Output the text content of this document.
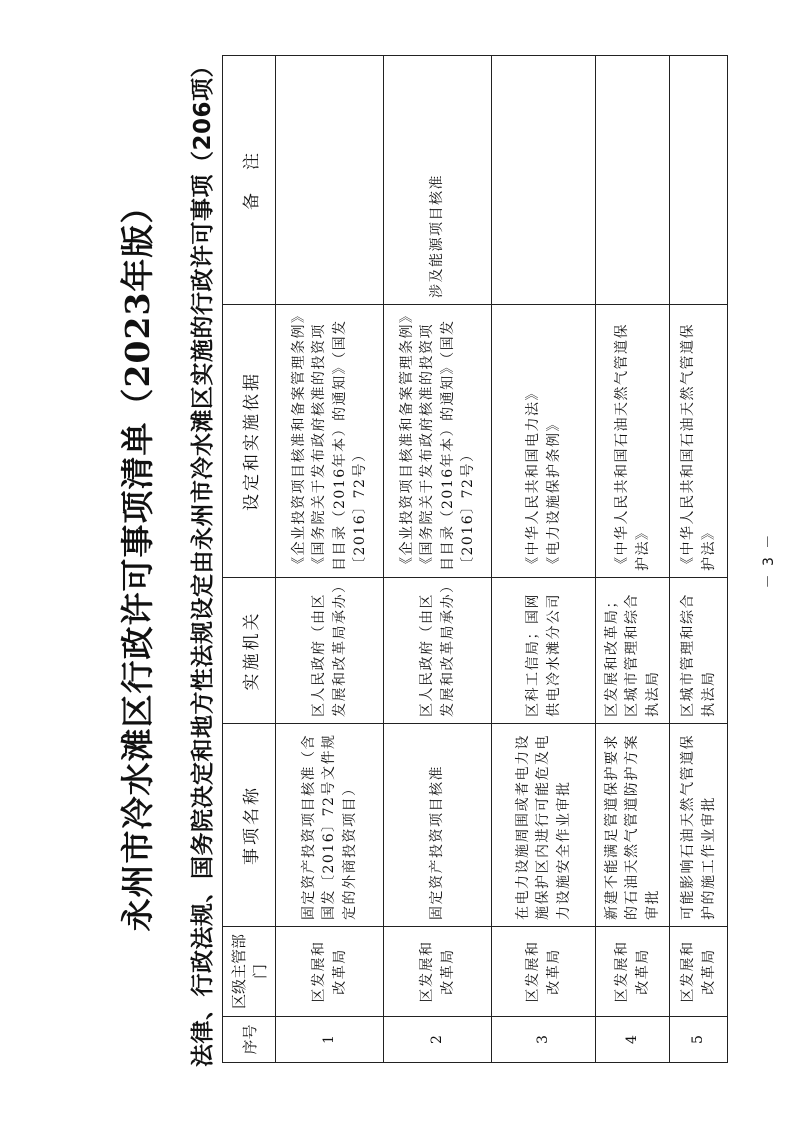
永州市冷水滩区行政许可事项清单（2023年版） 法律、行政法规、国务院决定和地方性法规设定由永州市冷水滩区实施的行政许可事项（206项） 序号	区级主管部门	事项名称	实施机关	设定和实施依据	备　注
1	区发展和改革局	固定资产投资项目核准（含国发〔2016〕72号文件规定的外商投资项目）	区人民政府（由区发展和改革局承办）	《企业投资项目核准和备案管理条例》 《国务院关于发布政府核准的投资项目目录（2016年本）的通知》（国发〔2016〕72号）	

2	区发展和改革局	固定资产投资项目核准	区人民政府（由区发展和改革局承办）	《企业投资项目核准和备案管理条例》 《国务院关于发布政府核准的投资项目目录（2016年本）的通知》（国发〔2016〕72号）	涉及能源项目核准
3	区发展和改革局	在电力设施周围或者电力设施保护区内进行可能危及电力设施安全作业审批	区科工信局；国网供电冷水滩分公司	《中华人民共和国电力法》 《电力设施保护条例》	

4	区发展和改革局	新建不能满足管道保护要求的石油天然气管道防护方案审批	区发展和改革局；区城市管理和综合执法局	《中华人民共和国石油天然气管道保护法》	

5	区发展和改革局	可能影响石油天然气管道保护的施工作业审批	区城市管理和综合执法局	《中华人民共和国石油天然气管道保护法》	
		－ 3 －
